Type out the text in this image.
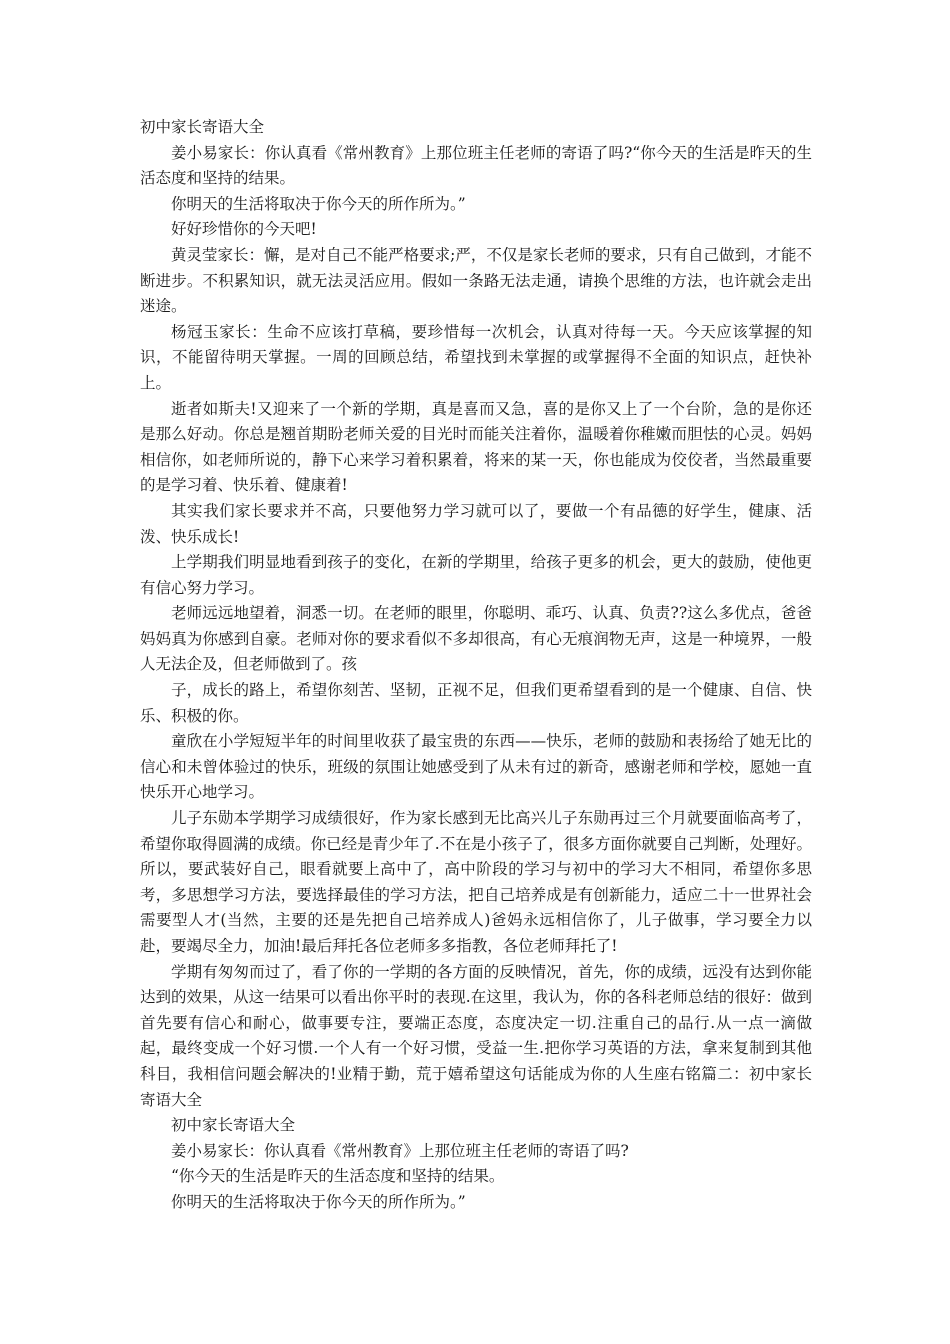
初中家长寄语大全

姜小易家长：你认真看《常州教育》上那位班主任老师的寄语了吗?“你今天的生活是昨天的生活态度和坚持的结果。

你明天的生活将取决于你今天的所作所为。”

好好珍惜你的今天吧!

黄灵莹家长：懈，是对自己不能严格要求;严，不仅是家长老师的要求，只有自己做到，才能不断进步。不积累知识，就无法灵活应用。假如一条路无法走通，请换个思维的方法，也许就会走出迷途。

杨冠玉家长：生命不应该打草稿，要珍惜每一次机会，认真对待每一天。今天应该掌握的知识，不能留待明天掌握。一周的回顾总结，希望找到未掌握的或掌握得不全面的知识点，赶快补上。

逝者如斯夫!又迎来了一个新的学期，真是喜而又急，喜的是你又上了一个台阶，急的是你还是那么好动。你总是翘首期盼老师关爱的目光时而能关注着你，温暖着你稚嫩而胆怯的心灵。妈妈相信你，如老师所说的，静下心来学习着积累着，将来的某一天，你也能成为佼佼者，当然最重要的是学习着、快乐着、健康着!

其实我们家长要求并不高，只要他努力学习就可以了，要做一个有品德的好学生，健康、活泼、快乐成长!

上学期我们明显地看到孩子的变化，在新的学期里，给孩子更多的机会，更大的鼓励，使他更有信心努力学习。

老师远远地望着，洞悉一切。在老师的眼里，你聪明、乖巧、认真、负责??这么多优点，爸爸妈妈真为你感到自豪。老师对你的要求看似不多却很高，有心无痕润物无声，这是一种境界，一般人无法企及，但老师做到了。孩

子，成长的路上，希望你刻苦、坚韧，正视不足，但我们更希望看到的是一个健康、自信、快乐、积极的你。

童欣在小学短短半年的时间里收获了最宝贵的东西——快乐，老师的鼓励和表扬给了她无比的信心和未曾体验过的快乐，班级的氛围让她感受到了从未有过的新奇，感谢老师和学校，愿她一直快乐开心地学习。

儿子东勋本学期学习成绩很好，作为家长感到无比高兴儿子东勋再过三个月就要面临高考了，希望你取得圆满的成绩。你已经是青少年了.不在是小孩子了，很多方面你就要自己判断，处理好。所以，要武装好自己，眼看就要上高中了，高中阶段的学习与初中的学习大不相同，希望你多思考，多思想学习方法，要选择最佳的学习方法，把自己培养成是有创新能力，适应二十一世界社会需要型人才(当然，主要的还是先把自己培养成人)爸妈永远相信你了，儿子做事，学习要全力以赴，要竭尽全力，加油!最后拜托各位老师多多指教，各位老师拜托了!

学期有匆匆而过了，看了你的一学期的各方面的反映情况，首先，你的成绩，远没有达到你能达到的效果，从这一结果可以看出你平时的表现.在这里，我认为，你的各科老师总结的很好：做到首先要有信心和耐心，做事要专注，要端正态度，态度决定一切.注重自己的品行.从一点一滴做起，最终变成一个好习惯.一个人有一个好习惯，受益一生.把你学习英语的方法，拿来复制到其他科目，我相信问题会解决的!业精于勤，荒于嬉希望这句话能成为你的人生座右铭篇二：初中家长寄语大全

初中家长寄语大全

姜小易家长：你认真看《常州教育》上那位班主任老师的寄语了吗?

“你今天的生活是昨天的生活态度和坚持的结果。

你明天的生活将取决于你今天的所作所为。”
